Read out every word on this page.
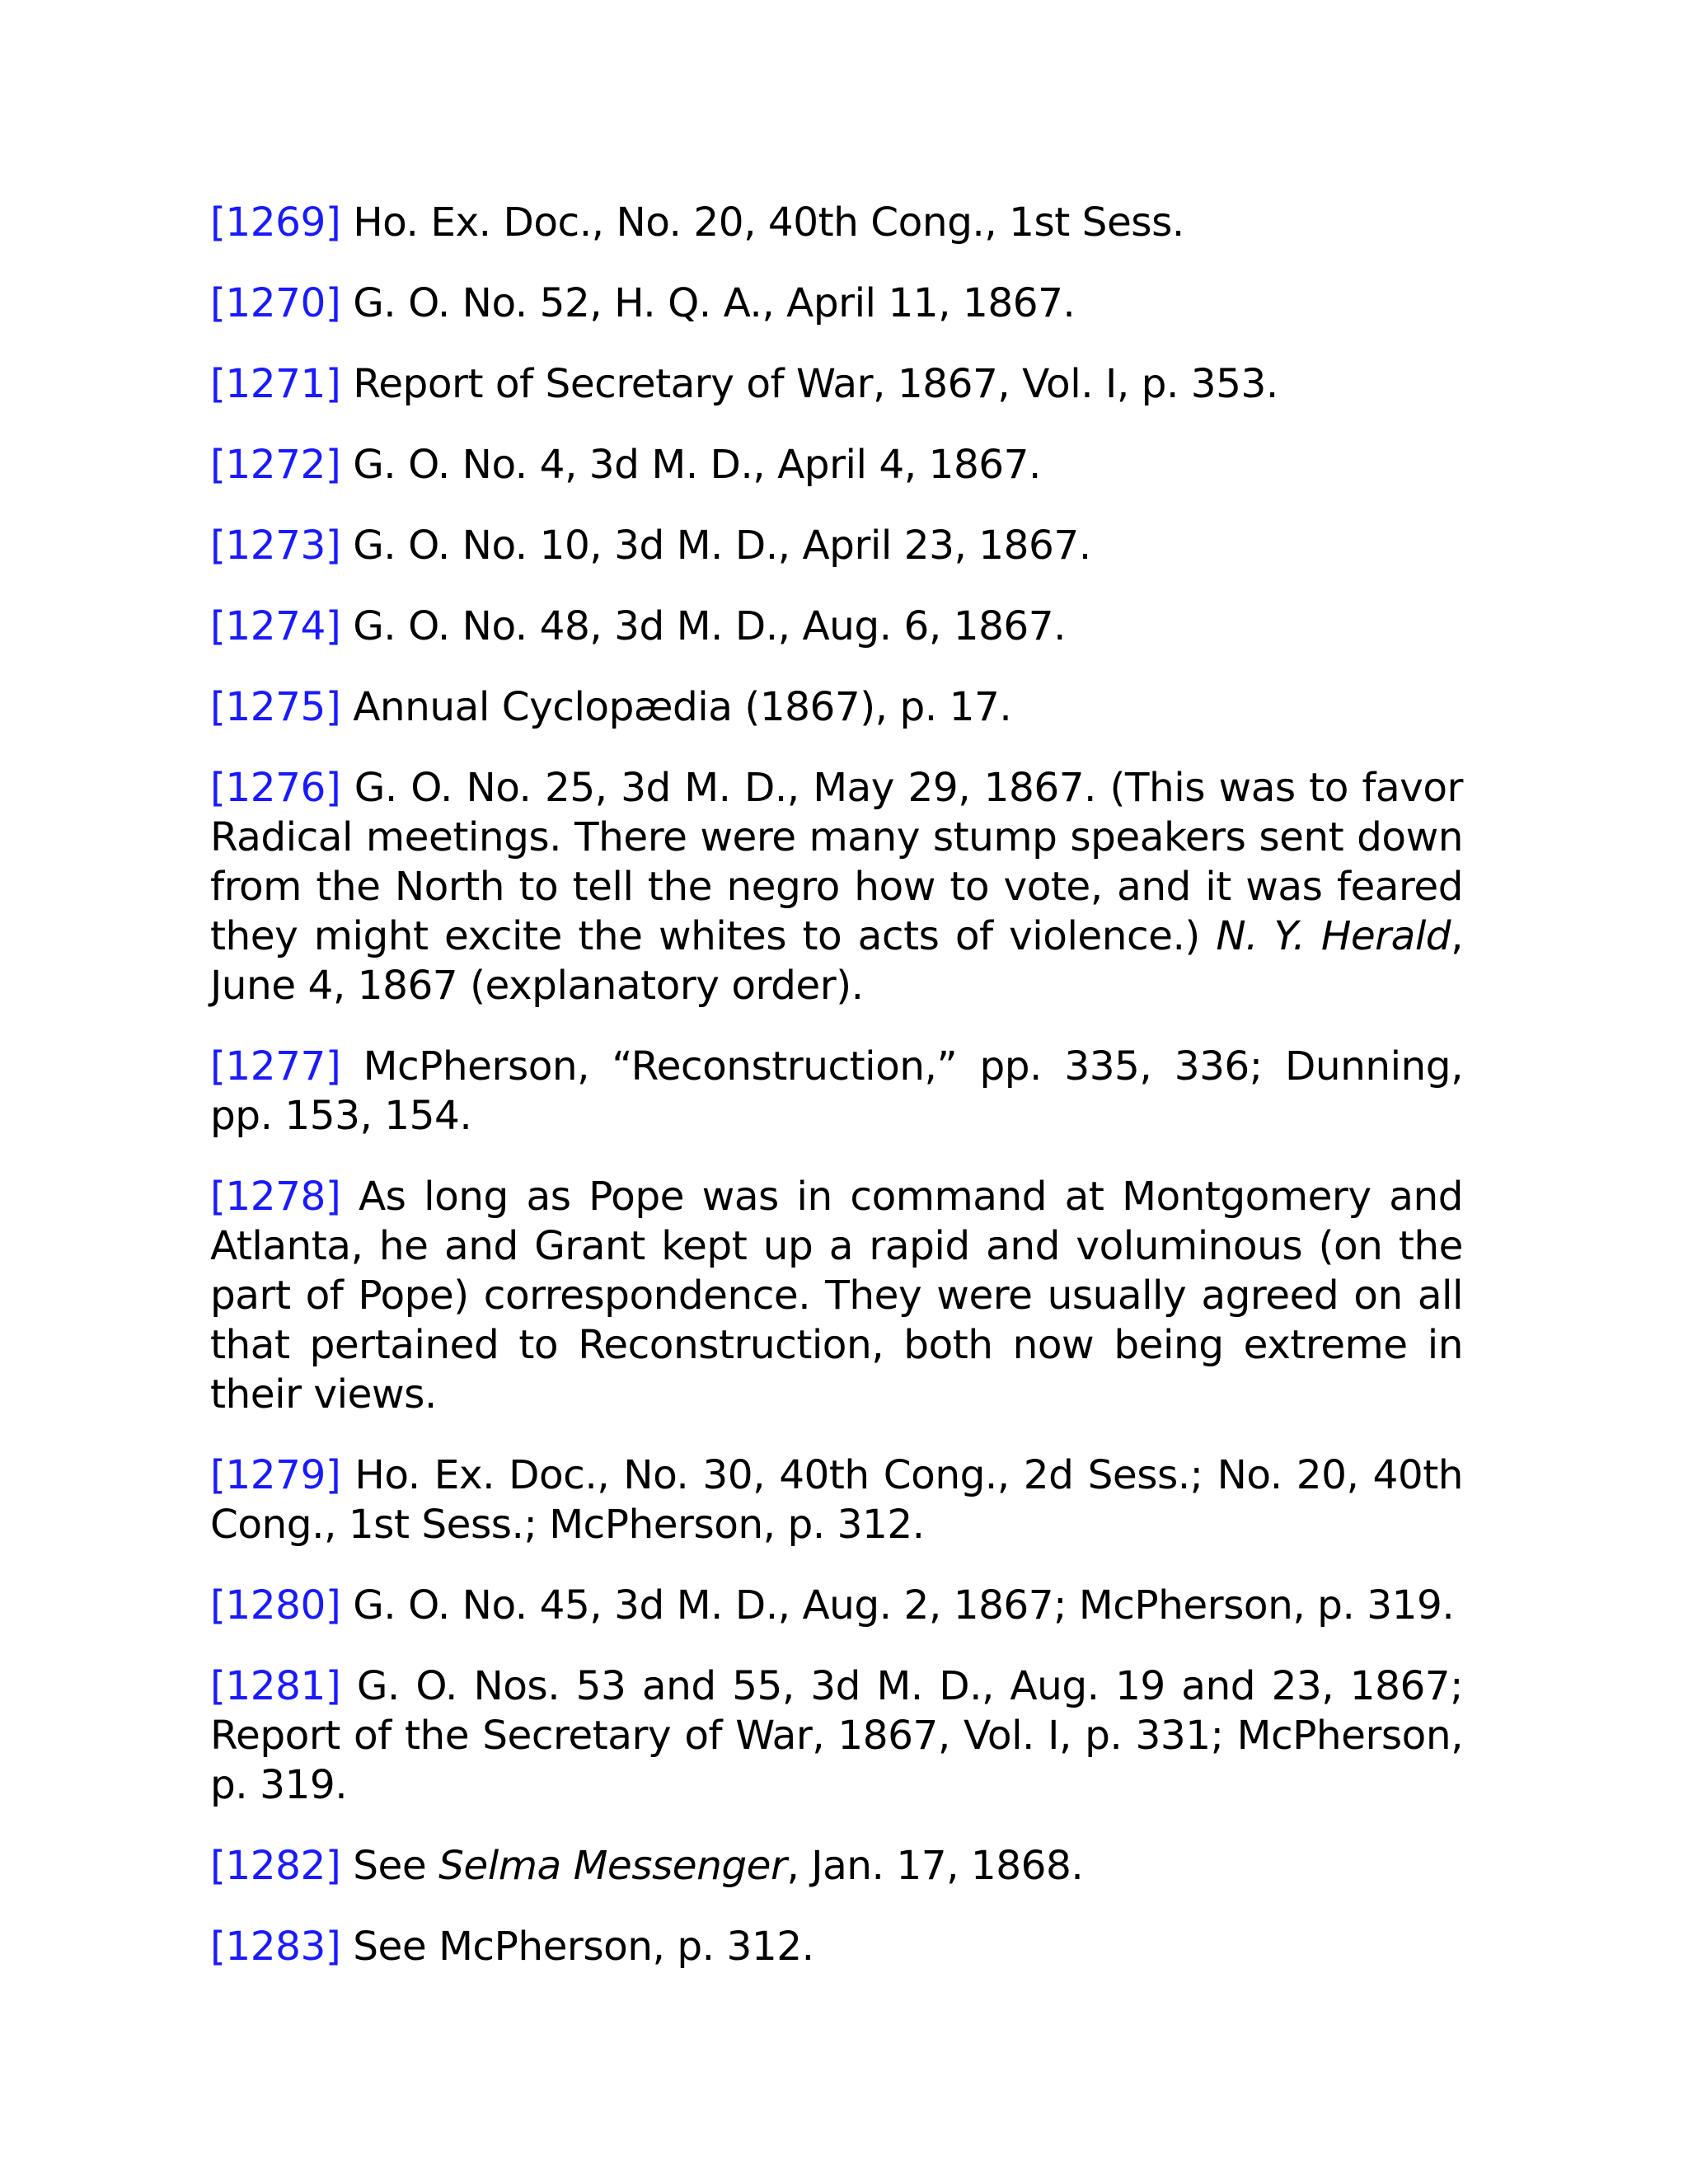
[1269] Ho. Ex. Doc., No. 20, 40th Cong., 1st Sess.

[1270] G. O. No. 52, H. Q. A., April 11, 1867.

[1271] Report of Secretary of War, 1867, Vol. I, p. 353.

[1272] G. O. No. 4, 3d M. D., April 4, 1867.

[1273] G. O. No. 10, 3d M. D., April 23, 1867.

[1274] G. O. No. 48, 3d M. D., Aug. 6, 1867.

[1275] Annual Cyclopædia (1867), p. 17.

[1276] G. O. No. 25, 3d M. D., May 29, 1867. (This was to favor Radical meetings. There were many stump speakers sent down from the North to tell the negro how to vote, and it was feared they might excite the whites to acts of violence.) N. Y. Herald, June 4, 1867 (explanatory order).

[1277] McPherson, “Reconstruction,” pp. 335, 336; Dunning, pp. 153, 154.

[1278] As long as Pope was in command at Montgomery and Atlanta, he and Grant kept up a rapid and voluminous (on the part of Pope) correspondence. They were usually agreed on all that pertained to Reconstruction, both now being extreme in their views.

[1279] Ho. Ex. Doc., No. 30, 40th Cong., 2d Sess.; No. 20, 40th Cong., 1st Sess.; McPherson, p. 312.

[1280] G. O. No. 45, 3d M. D., Aug. 2, 1867; McPherson, p. 319.

[1281] G. O. Nos. 53 and 55, 3d M. D., Aug. 19 and 23, 1867; Report of the Secretary of War, 1867, Vol. I, p. 331; McPherson, p. 319.

[1282] See Selma Messenger, Jan. 17, 1868.

[1283] See McPherson, p. 312.
